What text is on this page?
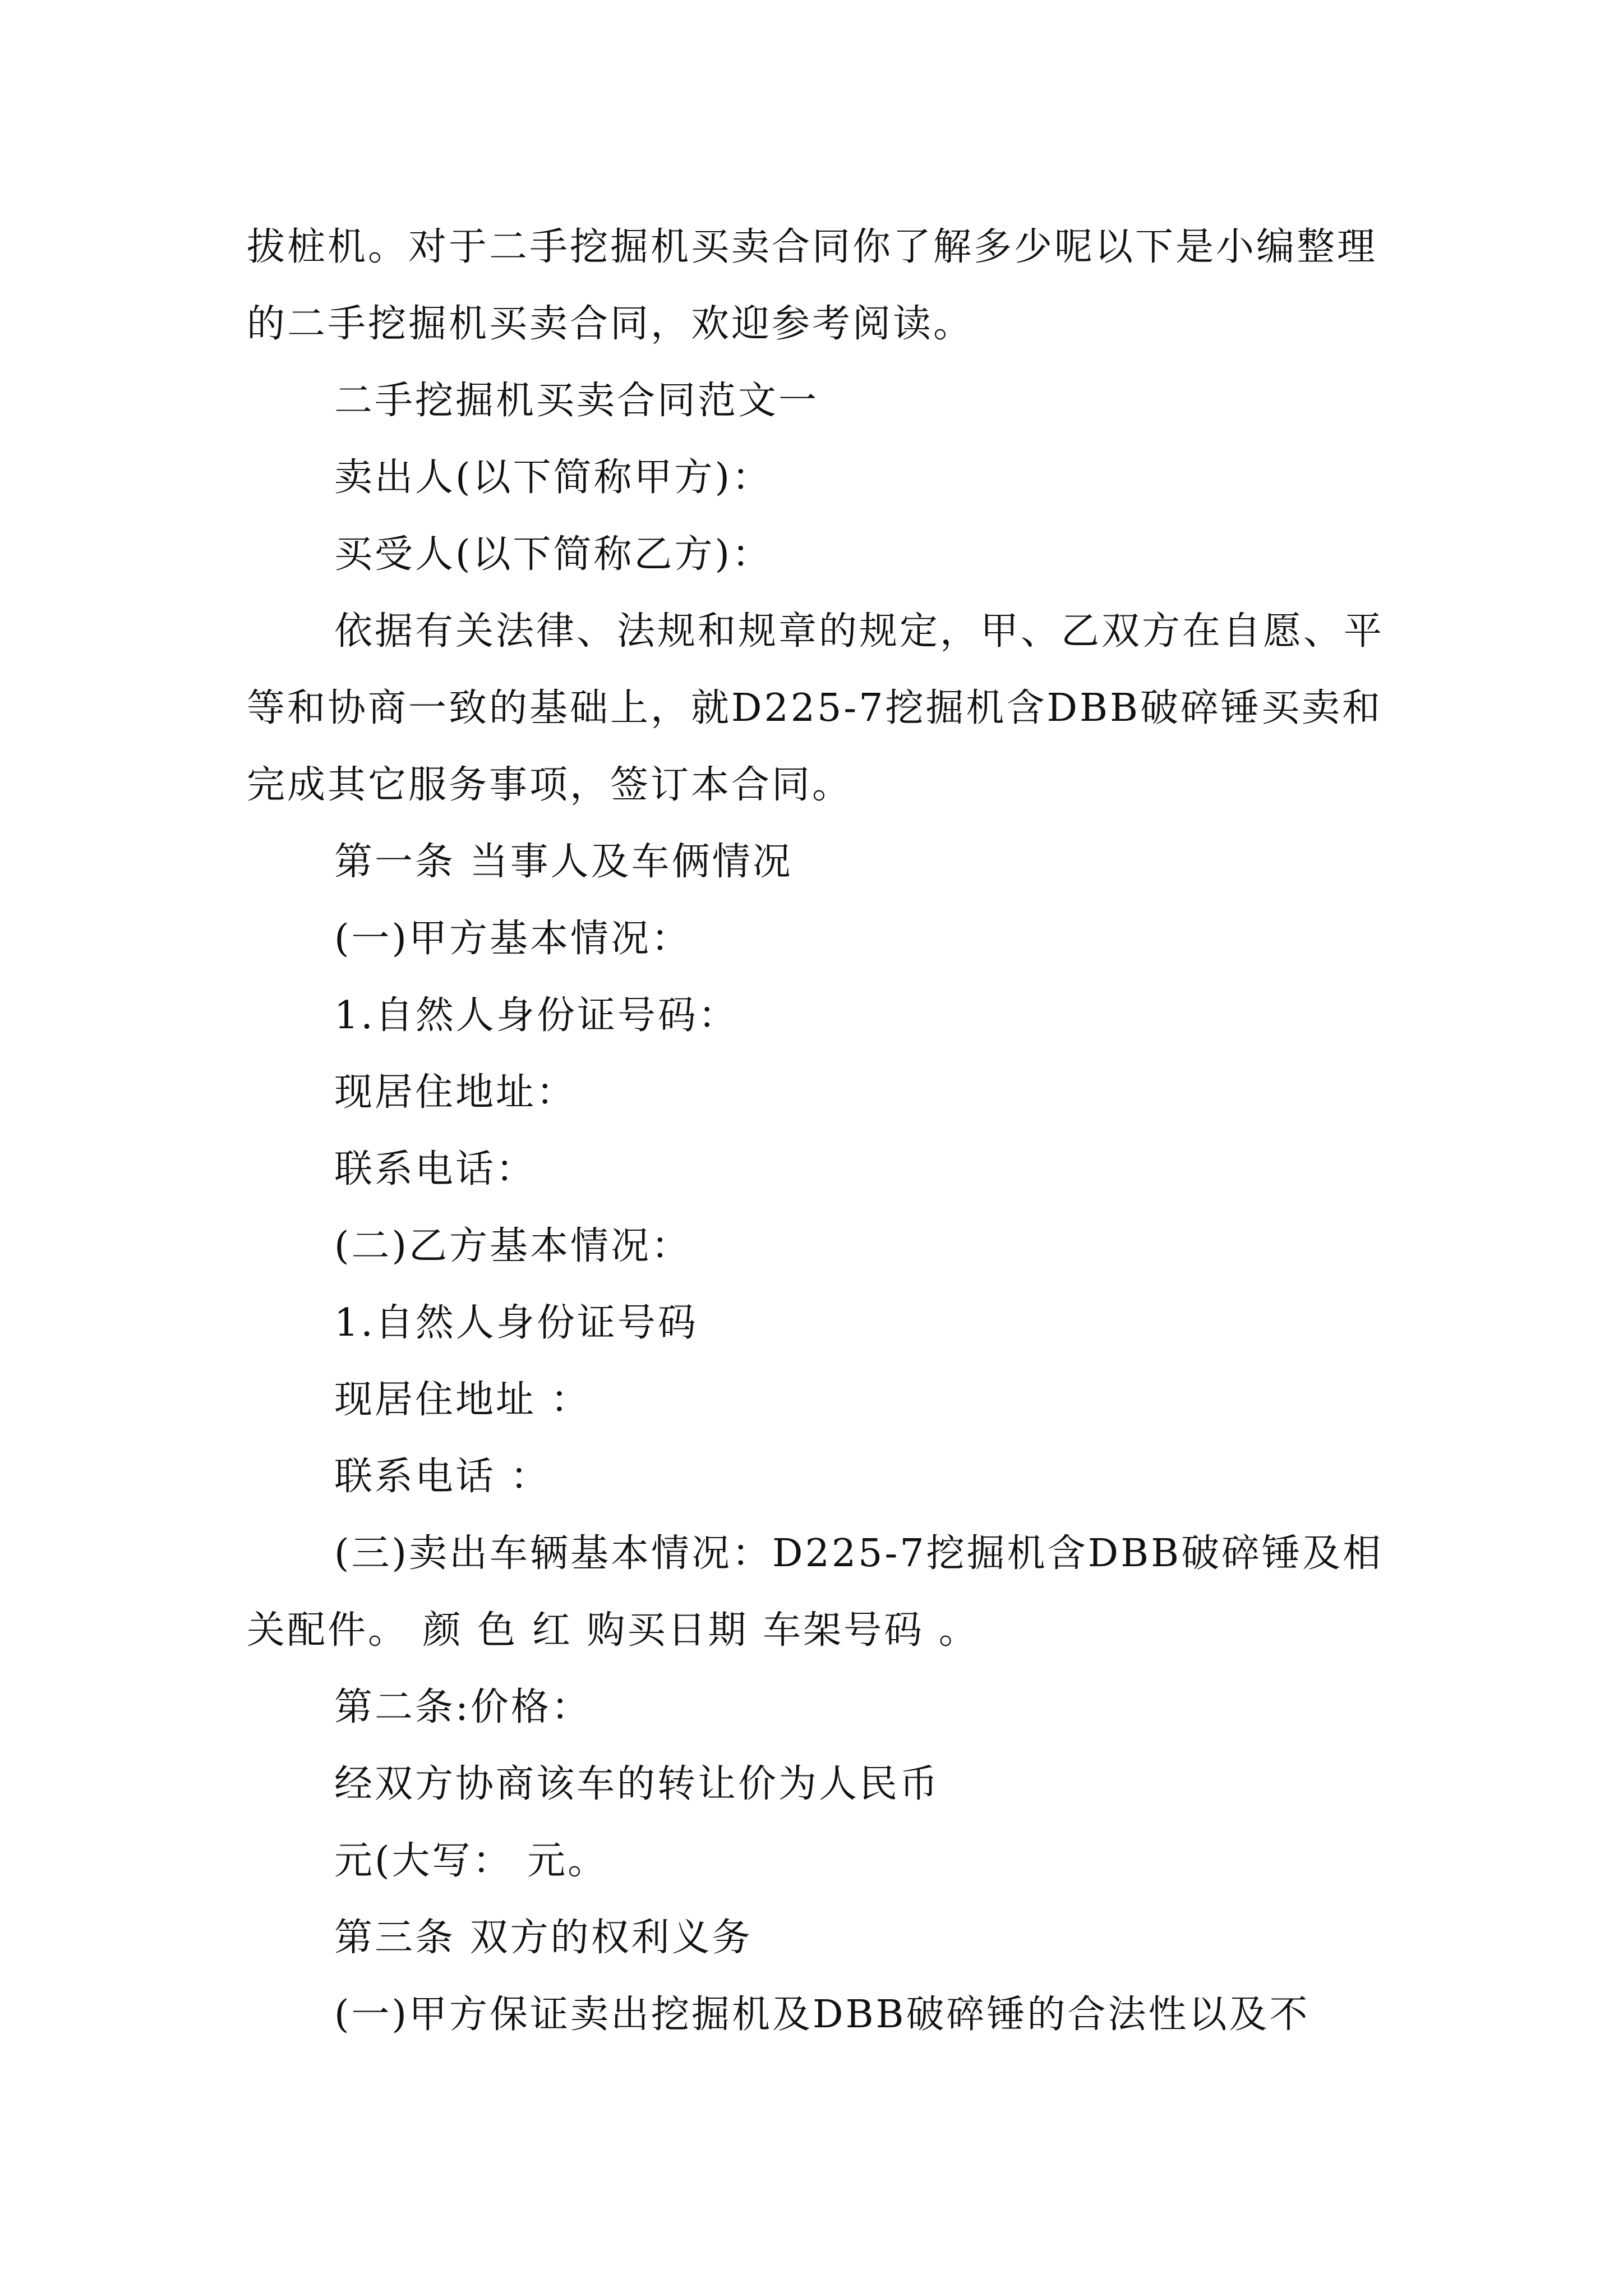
拔桩机。对于二手挖掘机买卖合同你了解多少呢以下是小编整理的二手挖掘机买卖合同，欢迎参考阅读。

二手挖掘机买卖合同范文一

卖出人(以下简称甲方)：

买受人(以下简称乙方)：

依据有关法律、法规和规章的规定，甲、乙双方在自愿、平等和协商一致的基础上，就D225-7挖掘机含DBB破碎锤买卖和完成其它服务事项，签订本合同。

第一条 当事人及车俩情况

(一)甲方基本情况：

1.自然人身份证号码：

现居住地址：

联系电话：

(二)乙方基本情况：

1.自然人身份证号码

现居住地址 ：

联系电话 ：

(三)卖出车辆基本情况：D225-7挖掘机含DBB破碎锤及相关配件。 颜 色 红 购买日期 车架号码 。

第二条:价格：

经双方协商该车的转让价为人民币

元(大写： 元。

第三条 双方的权利义务

(一)甲方保证卖出挖掘机及DBB破碎锤的合法性以及不
